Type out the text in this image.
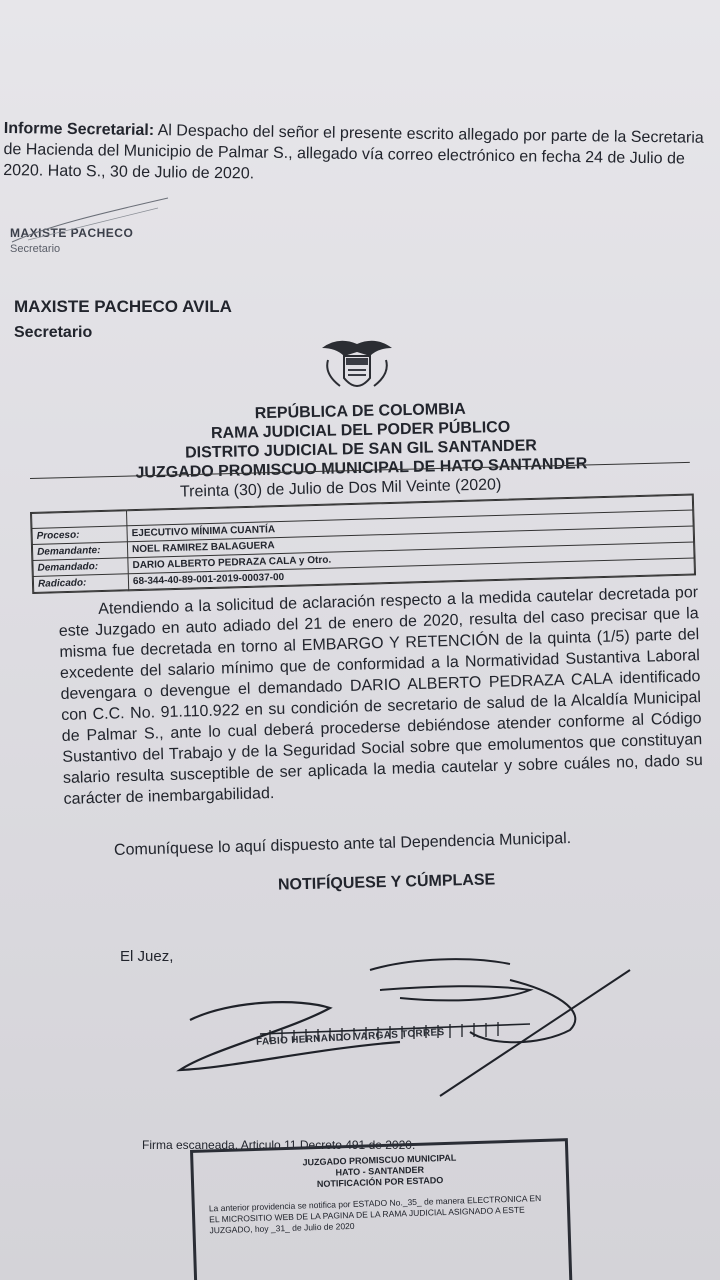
Informe Secretarial: Al Despacho del señor el presente escrito allegado por parte de la Secretaria de Hacienda del Municipio de Palmar S., allegado vía correo electrónico en fecha 24 de Julio de 2020. Hato S., 30 de Julio de 2020.
MAXISTE PACHECO
Secretario
MAXISTE PACHECO AVILA
Secretario
REPÚBLICA DE COLOMBIA
RAMA JUDICIAL DEL PODER PÚBLICO
DISTRITO JUDICIAL DE SAN GIL SANTANDER
JUZGADO PROMISCUO MUNICIPAL DE HATO SANTANDER
Treinta (30) de Julio de Dos Mil Veinte (2020)

Proceso:	EJECUTIVO MÍNIMA CUANTÍA
Demandante:	NOEL RAMIREZ BALAGUERA
Demandado:	DARIO ALBERTO PEDRAZA CALA y Otro.
Radicado:	68-344-40-89-001-2019-00037-00

Atendiendo a la solicitud de aclaración respecto a la medida cautelar decretada por este Juzgado en auto adiado del 21 de enero de 2020, resulta del caso precisar que la misma fue decretada en torno al EMBARGO Y RETENCIÓN de la quinta (1/5) parte del excedente del salario mínimo que de conformidad a la Normatividad Sustantiva Laboral devengara o devengue el demandado DARIO ALBERTO PEDRAZA CALA identificado con C.C. No. 91.110.922 en su condición de secretario de salud de la Alcaldía Municipal de Palmar S., ante lo cual deberá procederse debiéndose atender conforme al Código Sustantivo del Trabajo y de la Seguridad Social sobre que emolumentos que constituyan salario resulta susceptible de ser aplicada la media cautelar y sobre cuáles no, dado su carácter de inembargabilidad.

Comuníquese lo aquí dispuesto ante tal Dependencia Municipal.
NOTIFÍQUESE Y CÚMPLASE
El Juez,
FABIO HERNANDO VARGAS TORRES
Firma escaneada. Articulo 11 Decreto 491 de 2020.
JUZGADO PROMISCUO MUNICIPAL
HATO - SANTANDER
NOTIFICACIÓN POR ESTADO
La anterior providencia se notifica por ESTADO No._35_ de manera ELECTRONICA EN EL MICROSITIO WEB DE LA PAGINA DE LA RAMA JUDICIAL ASIGNADO A ESTE JUZGADO, hoy _31_ de Julio de 2020
